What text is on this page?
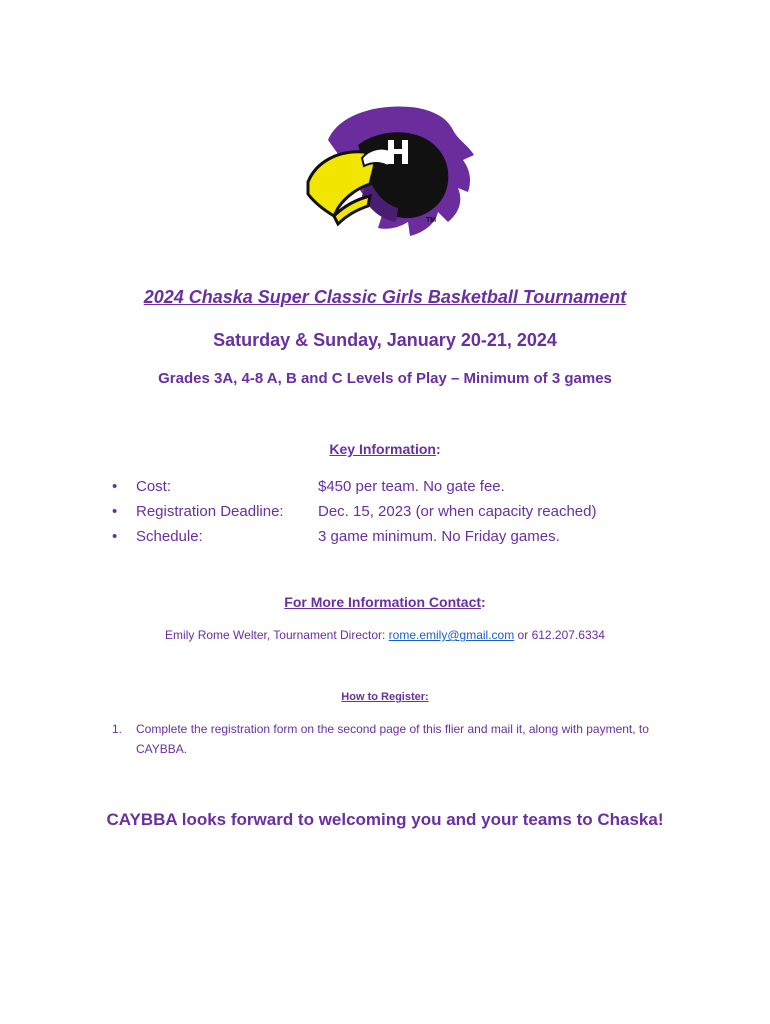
TM
2024 Chaska Super Classic Girls Basketball Tournament
Saturday & Sunday, January 20-21, 2024
Grades 3A, 4-8 A, B and C Levels of Play – Minimum of 3 games
Key Information:
•	Cost:	$450 per team. No gate fee.
•	Registration Deadline:	Dec. 15, 2023 (or when capacity reached)
•	Schedule:	3 game minimum. No Friday games.
For More Information Contact:
Emily Rome Welter, Tournament Director: rome.emily@gmail.com or 612.207.6334
How to Register:
1.	Complete the registration form on the second page of this flier and mail it, along with payment, to CAYBBA.
CAYBBA looks forward to welcoming you and your teams to Chaska!
